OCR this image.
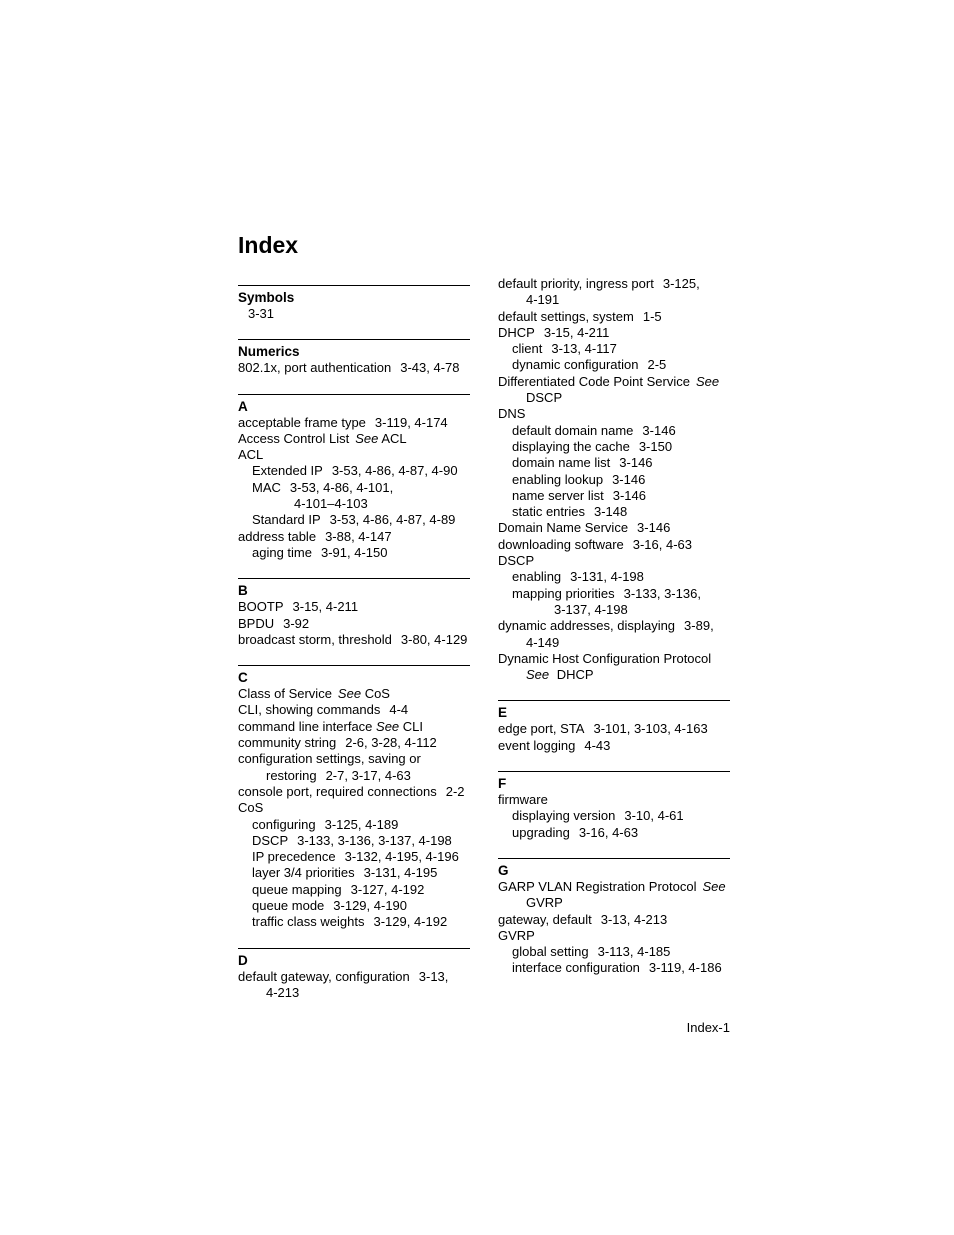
Index
Symbols
3-31
Numerics
802.1x, port authentication 3-43, 4-78
A
acceptable frame type 3-119, 4-174
Access Control List See ACL
ACL
Extended IP 3-53, 4-86, 4-87, 4-90
MAC 3-53, 4-86, 4-101,
4-101–4-103
Standard IP 3-53, 4-86, 4-87, 4-89
address table 3-88, 4-147
aging time 3-91, 4-150
B
BOOTP 3-15, 4-211
BPDU 3-92
broadcast storm, threshold 3-80, 4-129
C
Class of Service See CoS
CLI, showing commands 4-4
command line interface See CLI
community string 2-6, 3-28, 4-112
configuration settings, saving or
restoring 2-7, 3-17, 4-63
console port, required connections 2-2
CoS
configuring 3-125, 4-189
DSCP 3-133, 3-136, 3-137, 4-198
IP precedence 3-132, 4-195, 4-196
layer 3/4 priorities 3-131, 4-195
queue mapping 3-127, 4-192
queue mode 3-129, 4-190
traffic class weights 3-129, 4-192
D
default gateway, configuration 3-13,
4-213
default priority, ingress port 3-125,
4-191
default settings, system 1-5
DHCP 3-15, 4-211
client 3-13, 4-117
dynamic configuration 2-5
Differentiated Code Point Service See
DSCP
DNS
default domain name 3-146
displaying the cache 3-150
domain name list 3-146
enabling lookup 3-146
name server list 3-146
static entries 3-148
Domain Name Service 3-146
downloading software 3-16, 4-63
DSCP
enabling 3-131, 4-198
mapping priorities 3-133, 3-136,
3-137, 4-198
dynamic addresses, displaying 3-89,
4-149
Dynamic Host Configuration Protocol
See DHCP
E
edge port, STA 3-101, 3-103, 4-163
event logging 4-43
F
firmware
displaying version 3-10, 4-61
upgrading 3-16, 4-63
G
GARP VLAN Registration Protocol See
GVRP
gateway, default 3-13, 4-213
GVRP
global setting 3-113, 4-185
interface configuration 3-119, 4-186
Index-1
